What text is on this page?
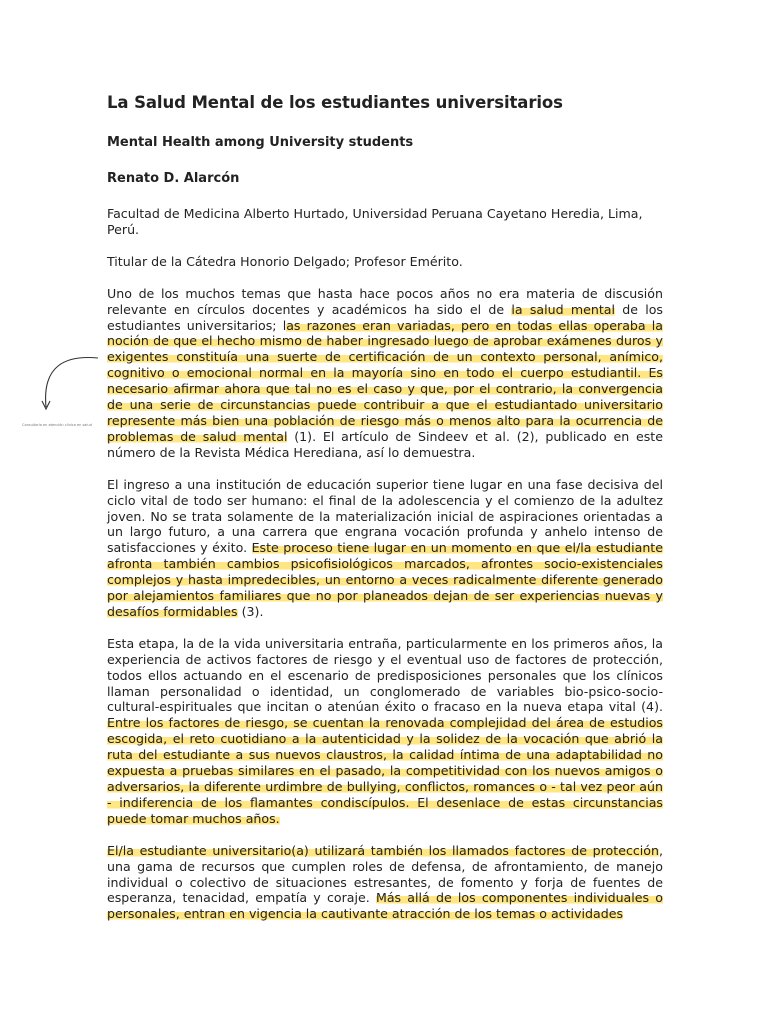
Consultoría en atención clínica en salud
La Salud Mental de los estudiantes universitarios
Mental Health among University students
Renato D. Alarcón

Facultad de Medicina Alberto Hurtado, Universidad Peruana Cayetano Heredia, Lima, Perú.

Titular de la Cátedra Honorio Delgado; Profesor Emérito.

Uno de los muchos temas que hasta hace pocos años no era materia de discusión relevante en círculos docentes y académicos ha sido el de la salud mental de los estudiantes universitarios; las razones eran variadas, pero en todas ellas operaba la noción de que el hecho mismo de haber ingresado luego de aprobar exámenes duros y exigentes constituía una suerte de certificación de un contexto personal, anímico, cognitivo o emocional normal en la mayoría sino en todo el cuerpo estudiantil. Es necesario afirmar ahora que tal no es el caso y que, por el contrario, la convergencia de una serie de circunstancias puede contribuir a que el estudiantado universitario represente más bien una población de riesgo más o menos alto para la ocurrencia de problemas de salud mental (1). El artículo de Sindeev et al. (2), publicado en este número de la Revista Médica Herediana, así lo demuestra.

El ingreso a una institución de educación superior tiene lugar en una fase decisiva del ciclo vital de todo ser humano: el final de la adolescencia y el comienzo de la adultez joven. No se trata solamente de la materialización inicial de aspiraciones orientadas a un largo futuro, a una carrera que engrana vocación profunda y anhelo intenso de satisfacciones y éxito. Este proceso tiene lugar en un momento en que el/la estudiante afronta también cambios psicofisiológicos marcados, afrontes socio-existenciales complejos y hasta impredecibles, un entorno a veces radicalmente diferente generado por alejamientos familiares que no por planeados dejan de ser experiencias nuevas y desafíos formidables (3).

Esta etapa, la de la vida universitaria entraña, particularmente en los primeros años, la experiencia de activos factores de riesgo y el eventual uso de factores de protección, todos ellos actuando en el escenario de predisposiciones personales que los clínicos llaman personalidad o identidad, un conglomerado de variables bio-psico-socio-cultural-espirituales que incitan o atenúan éxito o fracaso en la nueva etapa vital (4). Entre los factores de riesgo, se cuentan la renovada complejidad del área de estudios escogida, el reto cuotidiano a la autenticidad y la solidez de la vocación que abrió la ruta del estudiante a sus nuevos claustros, la calidad íntima de una adaptabilidad no expuesta a pruebas similares en el pasado, la competitividad con los nuevos amigos o adversarios, la diferente urdimbre de bullying, conflictos, romances o - tal vez peor aún - indiferencia de los flamantes condiscípulos. El desenlace de estas circunstancias puede tomar muchos años.

El/la estudiante universitario(a) utilizará también los llamados factores de protección, una gama de recursos que cumplen roles de defensa, de afrontamiento, de manejo individual o colectivo de situaciones estresantes, de fomento y forja de fuentes de esperanza, tenacidad, empatía y coraje. Más allá de los componentes individuales o personales, entran en vigencia la cautivante atracción de los temas o actividades
